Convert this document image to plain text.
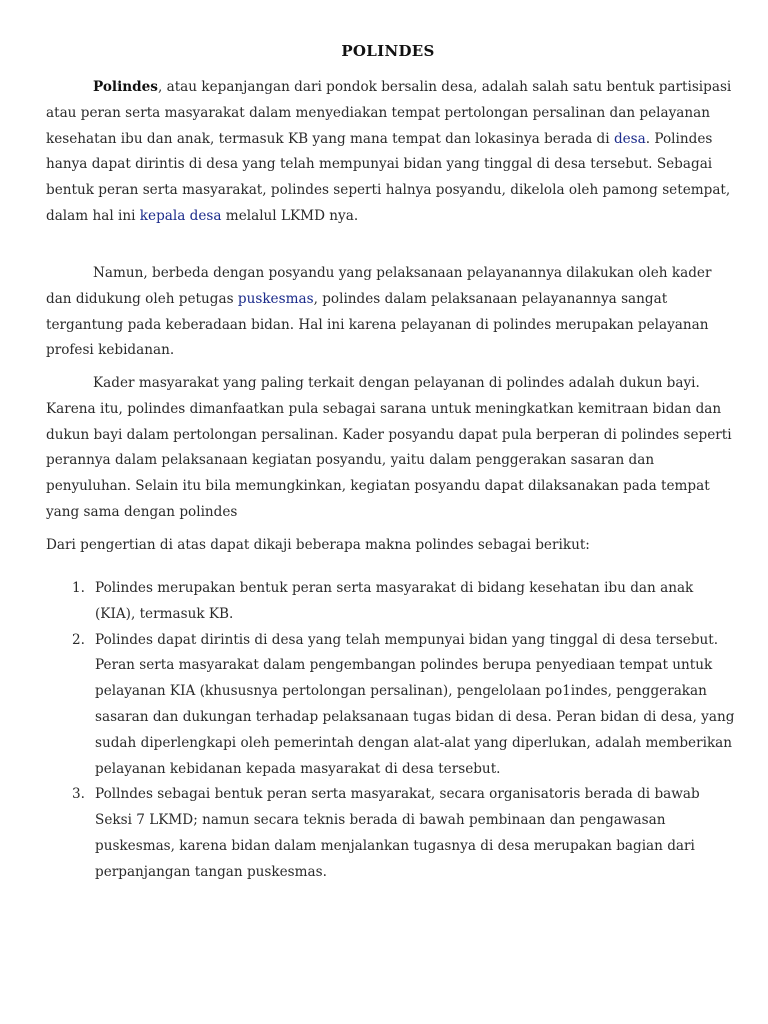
POLINDES

Polindes, atau kepanjangan dari pondok bersalin desa, adalah salah satu bentuk partisipasi atau peran serta masyarakat dalam menyediakan tempat pertolongan persalinan dan pelayanan kesehatan ibu dan anak, termasuk KB yang mana tempat dan lokasinya berada di desa. Polindes hanya dapat dirintis di desa yang telah mempunyai bidan yang tinggal di desa tersebut. Sebagai bentuk peran serta masyarakat, polindes seperti halnya posyandu, dikelola oleh pamong setempat, dalam hal ini kepala desa melalul LKMD nya.

Namun, berbeda dengan posyandu yang pelaksanaan pelayanannya dilakukan oleh kader dan didukung oleh petugas puskesmas, polindes dalam pelaksanaan pelayanannya sangat tergantung pada keberadaan bidan. Hal ini karena pelayanan di polindes merupakan pelayanan profesi kebidanan.

Kader masyarakat yang paling terkait dengan pelayanan di polindes adalah dukun bayi. Karena itu, polindes dimanfaatkan pula sebagai sarana untuk meningkatkan kemitraan bidan dan dukun bayi dalam pertolongan persalinan. Kader posyandu dapat pula berperan di polindes seperti perannya dalam pelaksanaan kegiatan posyandu, yaitu dalam penggerakan sasaran dan penyuluhan. Selain itu bila memungkinkan, kegiatan posyandu dapat dilaksanakan pada tempat yang sama dengan polindes

Dari pengertian di atas dapat dikaji beberapa makna polindes sebagai berikut:

1. Polindes merupakan bentuk peran serta masyarakat di bidang kesehatan ibu dan anak (KIA), termasuk KB.
2. Polindes dapat dirintis di desa yang telah mempunyai bidan yang tinggal di desa tersebut. Peran serta masyarakat dalam pengembangan polindes berupa penyediaan tempat untuk pelayanan KIA (khususnya pertolongan persalinan), pengelolaan po1indes, penggerakan sasaran dan dukungan terhadap pelaksanaan tugas bidan di desa. Peran bidan di desa, yang sudah diperlengkapi oleh pemerintah dengan alat-alat yang diperlukan, adalah memberikan pelayanan kebidanan kepada masyarakat di desa tersebut.
3. Pollndes sebagai bentuk peran serta masyarakat, secara organisatoris berada di bawab Seksi 7 LKMD; namun secara teknis berada di bawah pembinaan dan pengawasan puskesmas, karena bidan dalam menjalankan tugasnya di desa merupakan bagian dari perpanjangan tangan puskesmas.
